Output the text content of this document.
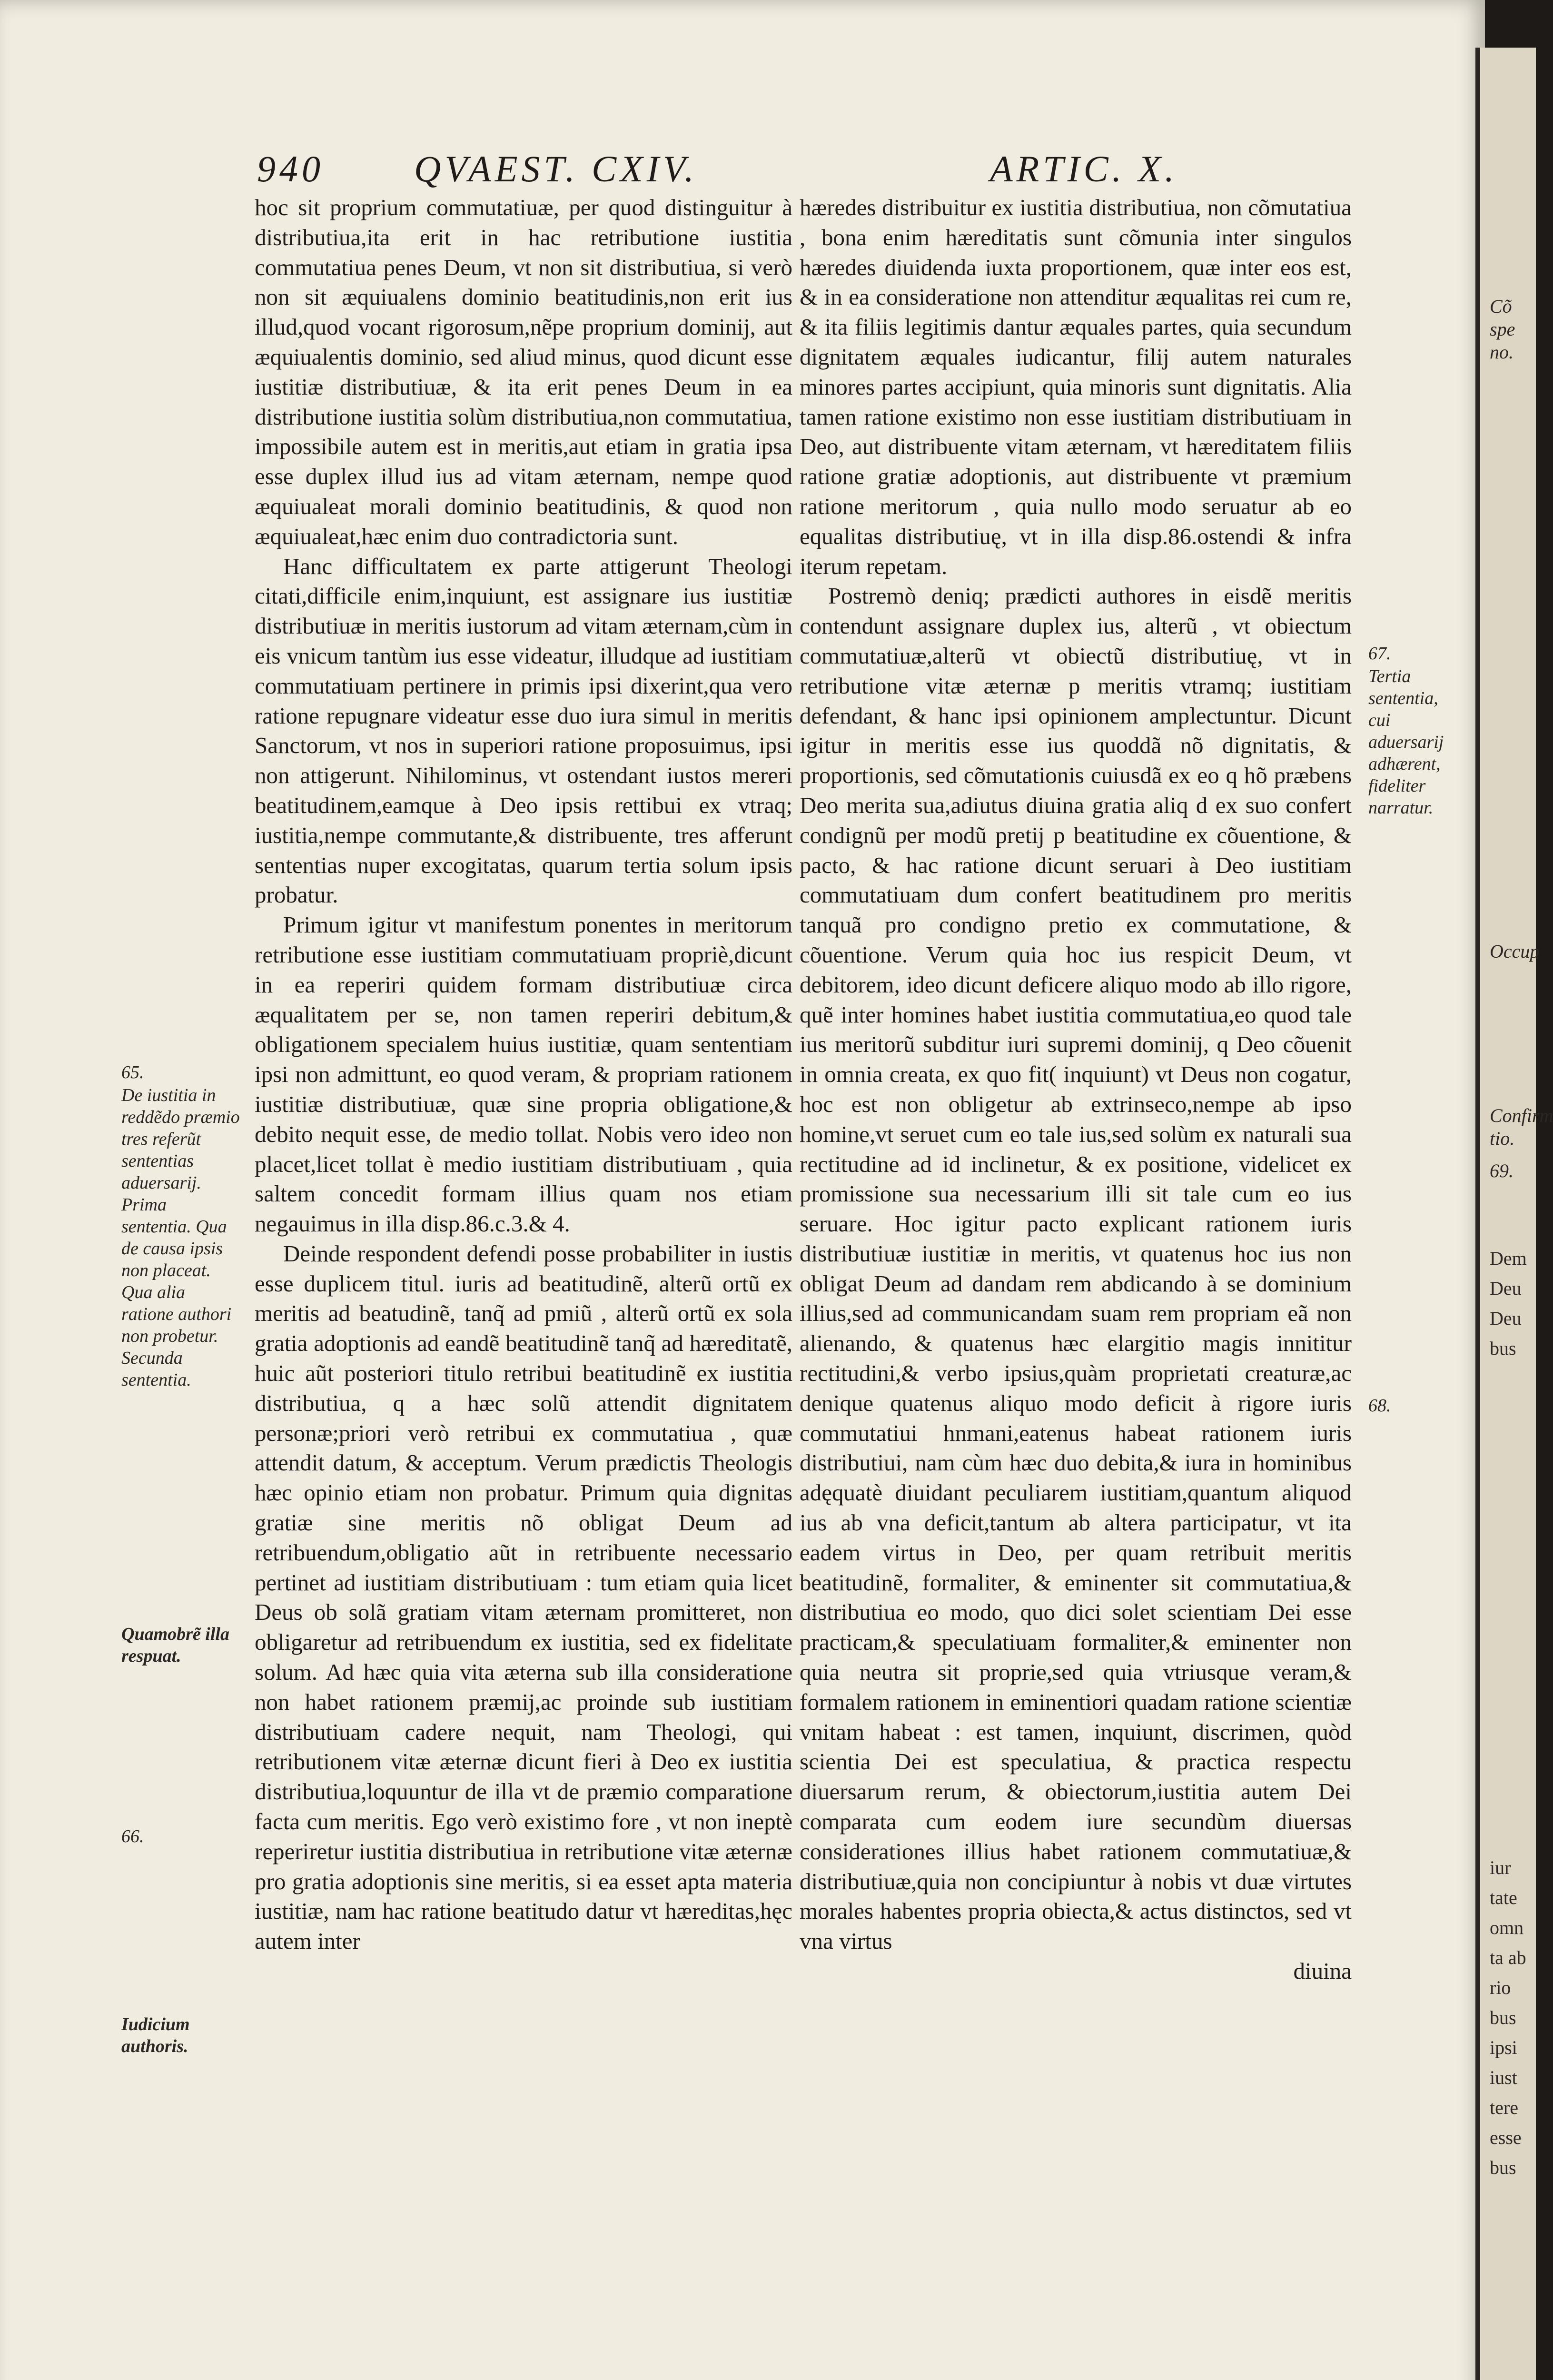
940 QVAEST. CXIV.	ARTIC. X.

hoc sit proprium commutatiuæ, per quod distinguitur à distributiua,ita erit in hac retributione iustitia commutatiua penes Deum, vt non sit distributiua, si verò non sit æquiualens dominio beatitudinis,non erit ius illud,quod vocant rigorosum,nẽpe proprium dominij, aut æquiualentis dominio, sed aliud minus, quod dicunt esse iustitiæ distributiuæ, & ita erit penes Deum in ea distributione iustitia solùm distributiua,non commutatiua, impossibile autem est in meritis,aut etiam in gratia ipsa esse duplex illud ius ad vitam æternam, nempe quod æquiualeat morali dominio beatitudinis, & quod non æquiualeat,hæc enim duo contradictoria sunt.

Hanc difficultatem ex parte attigerunt Theologi citati,difficile enim,inquiunt, est assignare ius iustitiæ distributiuæ in meritis iustorum ad vitam æternam,cùm in eis vnicum tantùm ius esse videatur, illudque ad iustitiam commutatiuam pertinere in primis ipsi dixerint,qua vero ratione repugnare videatur esse duo iura simul in meritis Sanctorum, vt nos in superiori ratione proposuimus, ipsi non attigerunt. Nihilominus, vt ostendant iustos mereri beatitudinem,eamque à Deo ipsis rettibui ex vtraq; iustitia,nempe commutante,& distribuente, tres afferunt sententias nuper excogitatas, quarum tertia solum ipsis probatur.

Primum igitur vt manifestum ponentes in meritorum retributione esse iustitiam commutatiuam propriè,dicunt in ea reperiri quidem formam distributiuæ circa æqualitatem per se, non tamen reperiri debitum,& obligationem specialem huius iustitiæ, quam sententiam ipsi non admittunt, eo quod veram, & propriam rationem iustitiæ distributiuæ, quæ sine propria obligatione,& debito nequit esse, de medio tollat. Nobis vero ideo non placet,licet tollat è medio iustitiam distributiuam , quia saltem concedit formam illius quam nos etiam negauimus in illa disp.86.c.3.& 4.

Deinde respondent defendi posse probabiliter in iustis esse duplicem titul. iuris ad beatitudinẽ, alterũ ortũ ex meritis ad beatudinẽ, tanq̃ ad pmiũ , alterũ ortũ ex sola gratia adoptionis ad eandẽ beatitudinẽ tanq̃ ad hæreditatẽ, huic aũt posteriori titulo retribui beatitudinẽ ex iustitia distributiua, q a hæc solũ attendit dignitatem personæ;priori verò retribui ex commutatiua , quæ attendit datum, & acceptum. Verum prædictis Theologis hæc opinio etiam non probatur. Primum quia dignitas gratiæ sine meritis nõ obligat Deum ad retribuendum,obligatio aũt in retribuente necessario pertinet ad iustitiam distributiuam : tum etiam quia licet Deus ob solã gratiam vitam æternam promitteret, non obligaretur ad retribuendum ex iustitia, sed ex fidelitate solum. Ad hæc quia vita æterna sub illa consideratione non habet rationem præmij,ac proinde sub iustitiam distributiuam cadere nequit, nam Theologi, qui retributionem vitæ æternæ dicunt fieri à Deo ex iustitia distributiua,loquuntur de illa vt de præmio comparatione facta cum meritis. Ego verò existimo fore , vt non ineptè reperiretur iustitia distributiua in retributione vitæ æternæ pro gratia adoptionis sine meritis, si ea esset apta materia iustitiæ, nam hac ratione beatitudo datur vt hæreditas,hęc autem inter

hæredes distribuitur ex iustitia distributiua, non cõmutatiua , bona enim hæreditatis sunt cõmunia inter singulos hæredes diuidenda iuxta proportionem, quæ inter eos est, & in ea consideratione non attenditur æqualitas rei cum re, & ita filiis legitimis dantur æquales partes, quia secundum dignitatem æquales iudicantur, filij autem naturales minores partes accipiunt, quia minoris sunt dignitatis. Alia tamen ratione existimo non esse iustitiam distributiuam in Deo, aut distribuente vitam æternam, vt hæreditatem filiis ratione gratiæ adoptionis, aut distribuente vt præmium ratione meritorum , quia nullo modo seruatur ab eo equalitas distributiuę, vt in illa disp.86.ostendi & infra iterum repetam.

Postremò deniq; prædicti authores in eisdẽ meritis contendunt assignare duplex ius, alterũ , vt obiectum commutatiuæ,alterũ vt obiectũ distributiuę, vt in retributione vitæ æternæ p meritis vtramq; iustitiam defendant, & hanc ipsi opinionem amplectuntur. Dicunt igitur in meritis esse ius quoddã nõ dignitatis, & proportionis, sed cõmutationis cuiusdã ex eo q hõ præbens Deo merita sua,adiutus diuina gratia aliq d ex suo confert condignũ per modũ pretij p beatitudine ex cõuentione, & pacto, & hac ratione dicunt seruari à Deo iustitiam commutatiuam dum confert beatitudinem pro meritis tanquã pro condigno pretio ex commutatione, & cõuentione. Verum quia hoc ius respicit Deum, vt debitorem, ideo dicunt deficere aliquo modo ab illo rigore, quẽ inter homines habet iustitia commutatiua,eo quod tale ius meritorũ subditur iuri supremi dominij, q Deo cõuenit in omnia creata, ex quo fit( inquiunt) vt Deus non cogatur, hoc est non obligetur ab extrinseco,nempe ab ipso homine,vt seruet cum eo tale ius,sed solùm ex naturali sua rectitudine ad id inclinetur, & ex positione, videlicet ex promissione sua necessarium illi sit tale cum eo ius seruare. Hoc igitur pacto explicant rationem iuris distributiuæ iustitiæ in meritis, vt quatenus hoc ius non obligat Deum ad dandam rem abdicando à se dominium illius,sed ad communicandam suam rem propriam eã non alienando, & quatenus hæc elargitio magis innititur rectitudini,& verbo ipsius,quàm proprietati creaturæ,ac denique quatenus aliquo modo deficit à rigore iuris commutatiui hnmani,eatenus habeat rationem iuris distributiui, nam cùm hæc duo debita,& iura in hominibus adęquatè diuidant peculiarem iustitiam,quantum aliquod ius ab vna deficit,tantum ab altera participatur, vt ita eadem virtus in Deo, per quam retribuit meritis beatitudinẽ, formaliter, & eminenter sit commutatiua,& distributiua eo modo, quo dici solet scientiam Dei esse practicam,& speculatiuam formaliter,& eminenter non quia neutra sit proprie,sed quia vtriusque veram,& formalem rationem in eminentiori quadam ratione scientiæ vnitam habeat : est tamen, inquiunt, discrimen, quòd scientia Dei est speculatiua, & practica respectu diuersarum rerum, & obiectorum,iustitia autem Dei comparata cum eodem iure secundùm diuersas considerationes illius habet rationem commutatiuæ,& distributiuæ,quia non concipiuntur à nobis vt duæ virtutes morales habentes propria obiecta,& actus distinctos, sed vt vna virtus

diuina

65.
De iustitia in reddẽdo præmio tres referũt sententias aduersarij. Prima sententia. Qua de causa ipsis non placeat. Qua alia ratione authori non probetur. Secunda sententia.
Quamobrẽ illa respuat.
66.
Iudicium authoris.
67.
Tertia sententia, cui aduersarij adhærent, fideliter narratur.
68.
Cõ
spe
no.
Occup
Confirm
tio.
69.
Dem
Deu
Deu
bus
iur
tate
omn
ta ab
rio
bus
ipsi
iust
tere
esse
bus
